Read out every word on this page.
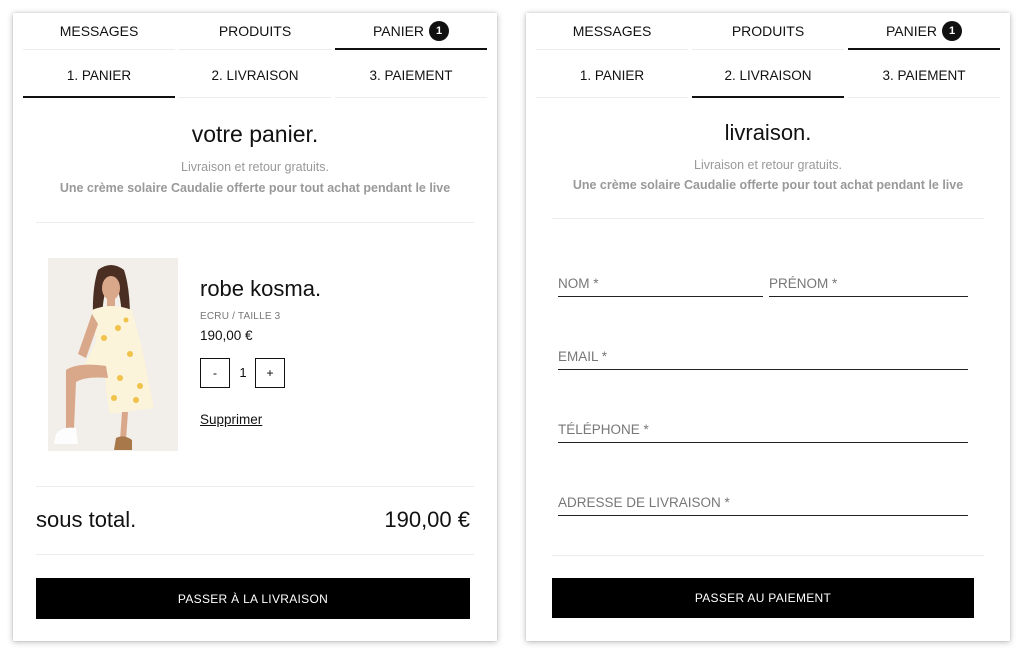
MESSAGES	PRODUITS	PANIER	1
1. PANIER	2. LIVRAISON	3. PAIEMENT
votre panier.
Livraison et retour gratuits.
Une crème solaire Caudalie offerte pour tout achat pendant le live
robe kosma.
ECRU / TAILLE 3
190,00 €
-	1	+
Supprimer
sous total.	190,00 €
PASSER À LA LIVRAISON
MESSAGES	PRODUITS	PANIER	1
1. PANIER	2. LIVRAISON	3. PAIEMENT
livraison.
Livraison et retour gratuits.
Une crème solaire Caudalie offerte pour tout achat pendant le live
NOM *
PRÉNOM *
EMAIL *
TÉLÉPHONE *
ADRESSE DE LIVRAISON *
PASSER AU PAIEMENT
